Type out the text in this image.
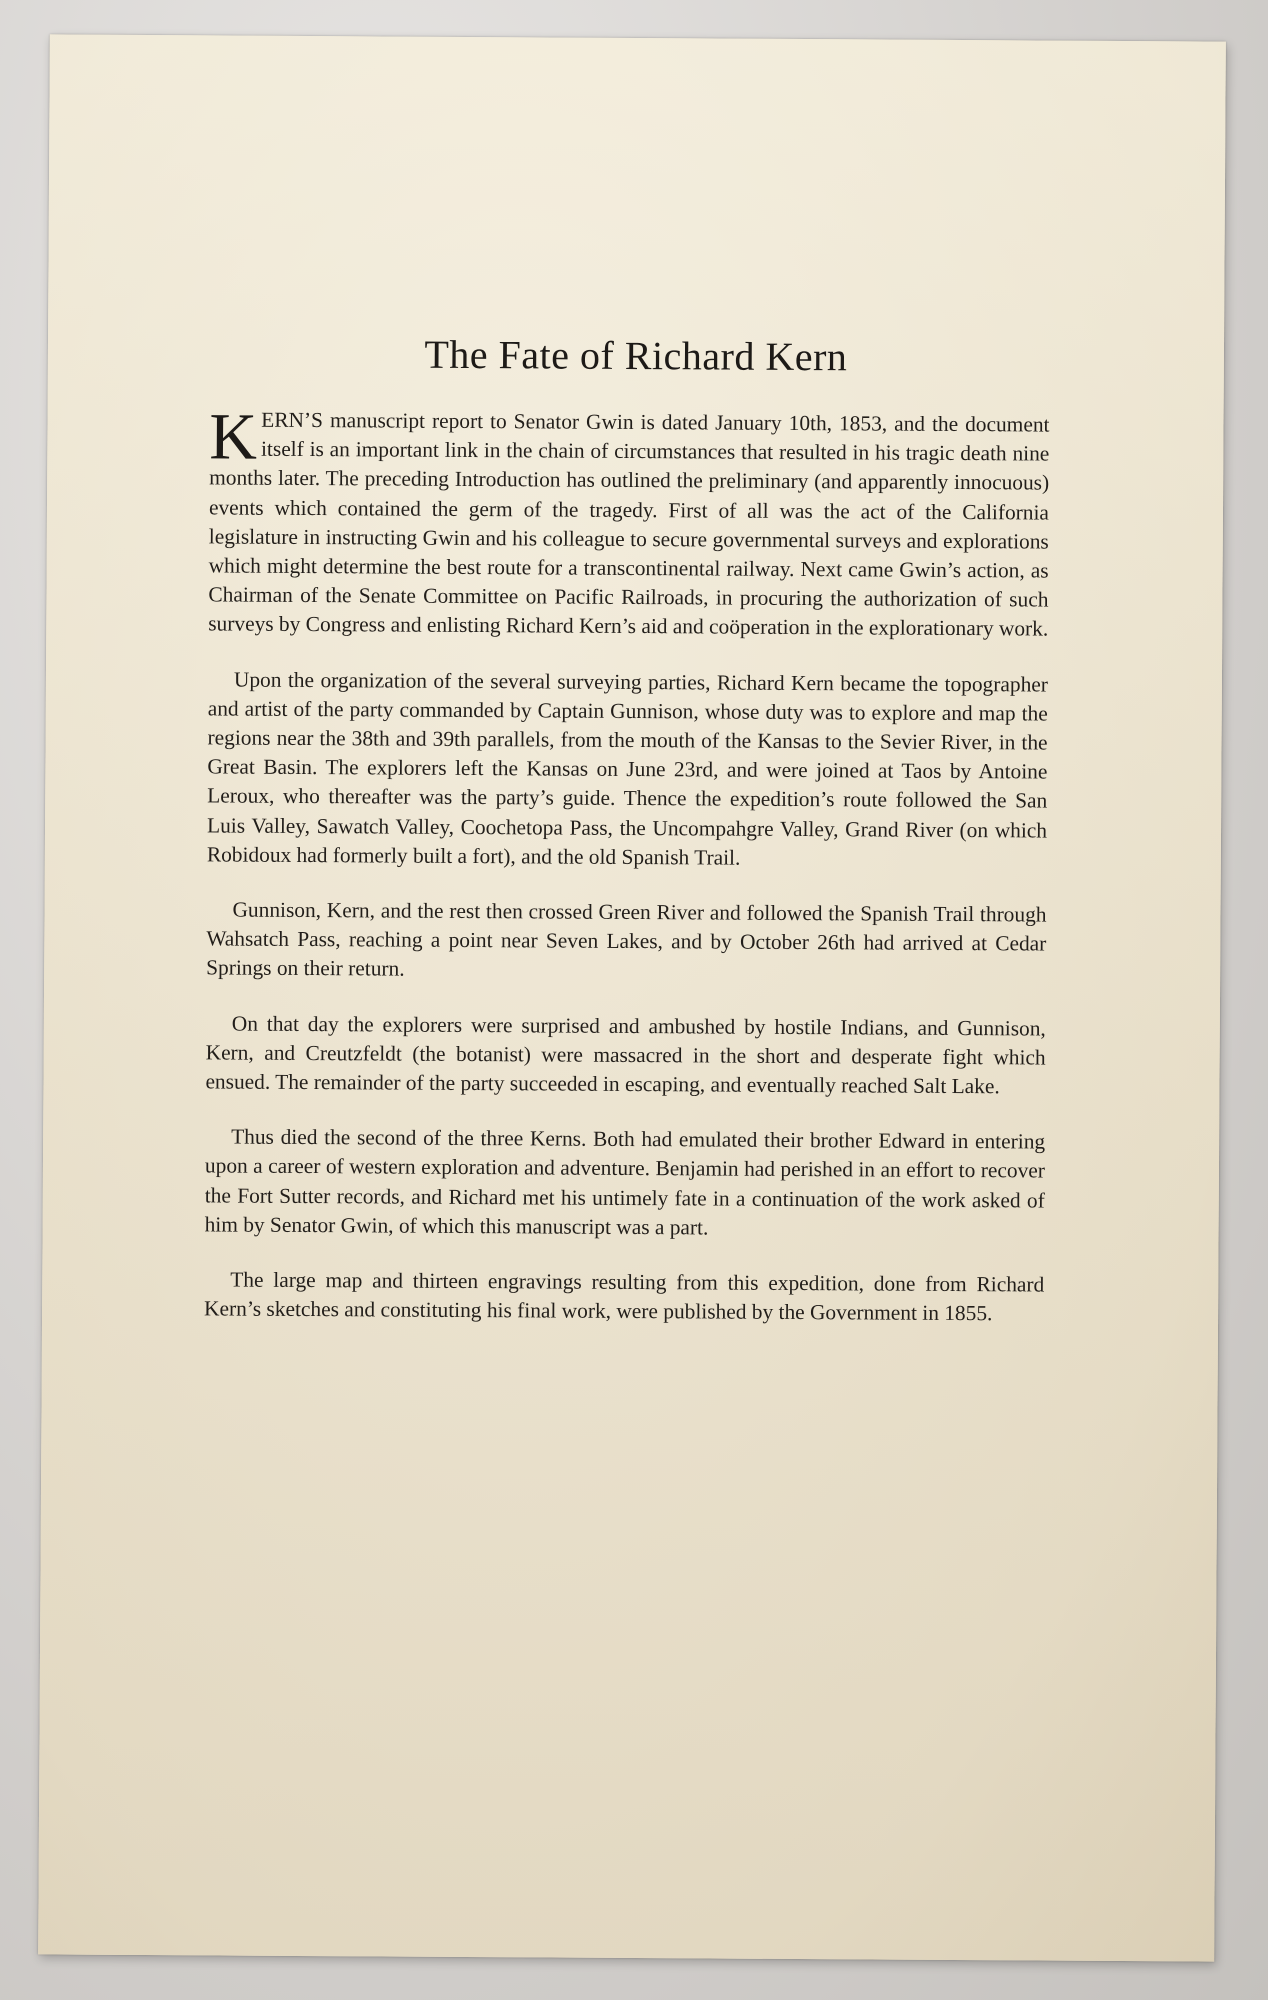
The Fate of Richard Kern

KERN’S manuscript report to Senator Gwin is dated January 10th, 1853, and the document itself is an important link in the chain of circumstances that resulted in his tragic death nine months later. The preceding Introduction has outlined the preliminary (and apparently innocuous) events which contained the germ of the tragedy. First of all was the act of the California legislature in instructing Gwin and his colleague to secure governmental surveys and explorations which might determine the best route for a transcontinental railway. Next came Gwin’s action, as Chairman of the Senate Committee on Pacific Railroads, in procuring the authorization of such surveys by Congress and enlisting Richard Kern’s aid and coöperation in the explorationary work.

Upon the organization of the several surveying parties, Richard Kern became the topographer and artist of the party commanded by Captain Gunnison, whose duty was to explore and map the regions near the 38th and 39th parallels, from the mouth of the Kansas to the Sevier River, in the Great Basin. The explorers left the Kansas on June 23rd, and were joined at Taos by Antoine Leroux, who thereafter was the party’s guide. Thence the expedition’s route followed the San Luis Valley, Sawatch Valley, Coochetopa Pass, the Uncompahgre Valley, Grand River (on which Robidoux had formerly built a fort), and the old Spanish Trail.

Gunnison, Kern, and the rest then crossed Green River and followed the Spanish Trail through Wahsatch Pass, reaching a point near Seven Lakes, and by October 26th had arrived at Cedar Springs on their return.

On that day the explorers were surprised and ambushed by hostile Indians, and Gunnison, Kern, and Creutzfeldt (the botanist) were massacred in the short and desperate fight which ensued. The remainder of the party succeeded in escaping, and eventually reached Salt Lake.

Thus died the second of the three Kerns. Both had emulated their brother Edward in entering upon a career of western exploration and adventure. Benjamin had perished in an effort to recover the Fort Sutter records, and Richard met his untimely fate in a continuation of the work asked of him by Senator Gwin, of which this manuscript was a part.

The large map and thirteen engravings resulting from this expedition, done from Richard Kern’s sketches and constituting his final work, were published by the Government in 1855.
